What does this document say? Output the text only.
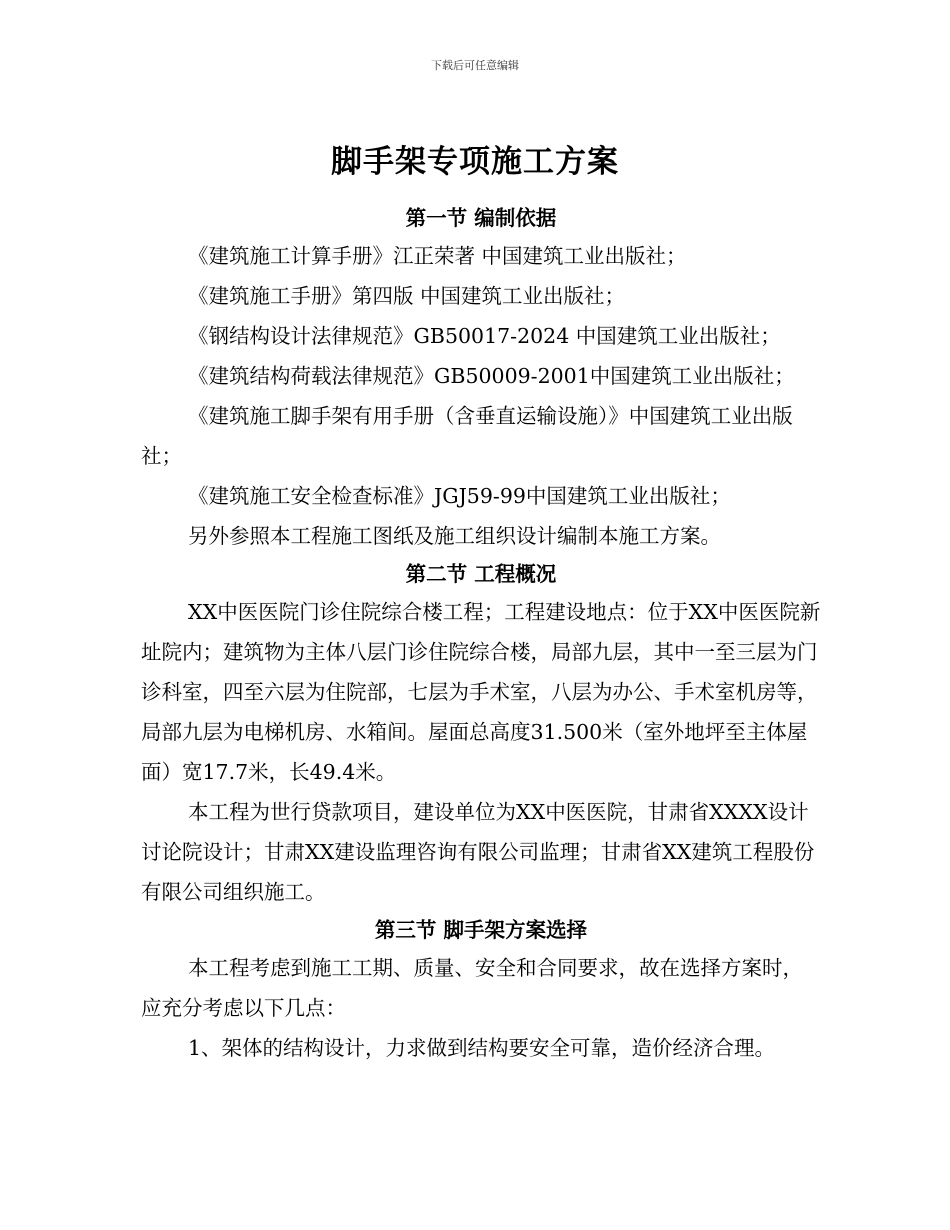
下载后可任意编辑
脚手架专项施工方案
第一节 编制依据

《建筑施工计算手册》江正荣著 中国建筑工业出版社；

《建筑施工手册》第四版 中国建筑工业出版社；

《钢结构设计法律规范》GB50017-2024 中国建筑工业出版社；

《建筑结构荷载法律规范》GB50009-2001中国建筑工业出版社；

《建筑施工脚手架有用手册（含垂直运输设施）》中国建筑工业出版社；

《建筑施工安全检查标准》JGJ59-99中国建筑工业出版社；

另外参照本工程施工图纸及施工组织设计编制本施工方案。

第二节 工程概况

XX中医医院门诊住院综合楼工程；工程建设地点：位于XX中医医院新址院内；建筑物为主体八层门诊住院综合楼，局部九层，其中一至三层为门诊科室，四至六层为住院部，七层为手术室，八层为办公、手术室机房等，局部九层为电梯机房、水箱间。屋面总高度31.500米（室外地坪至主体屋面）宽17.7米，长49.4米。

本工程为世行贷款项目，建设单位为XX中医医院，甘肃省XXXX设计讨论院设计；甘肃XX建设监理咨询有限公司监理；甘肃省XX建筑工程股份有限公司组织施工。

第三节 脚手架方案选择

本工程考虑到施工工期、质量、安全和合同要求，故在选择方案时，应充分考虑以下几点：

1、架体的结构设计，力求做到结构要安全可靠，造价经济合理。
